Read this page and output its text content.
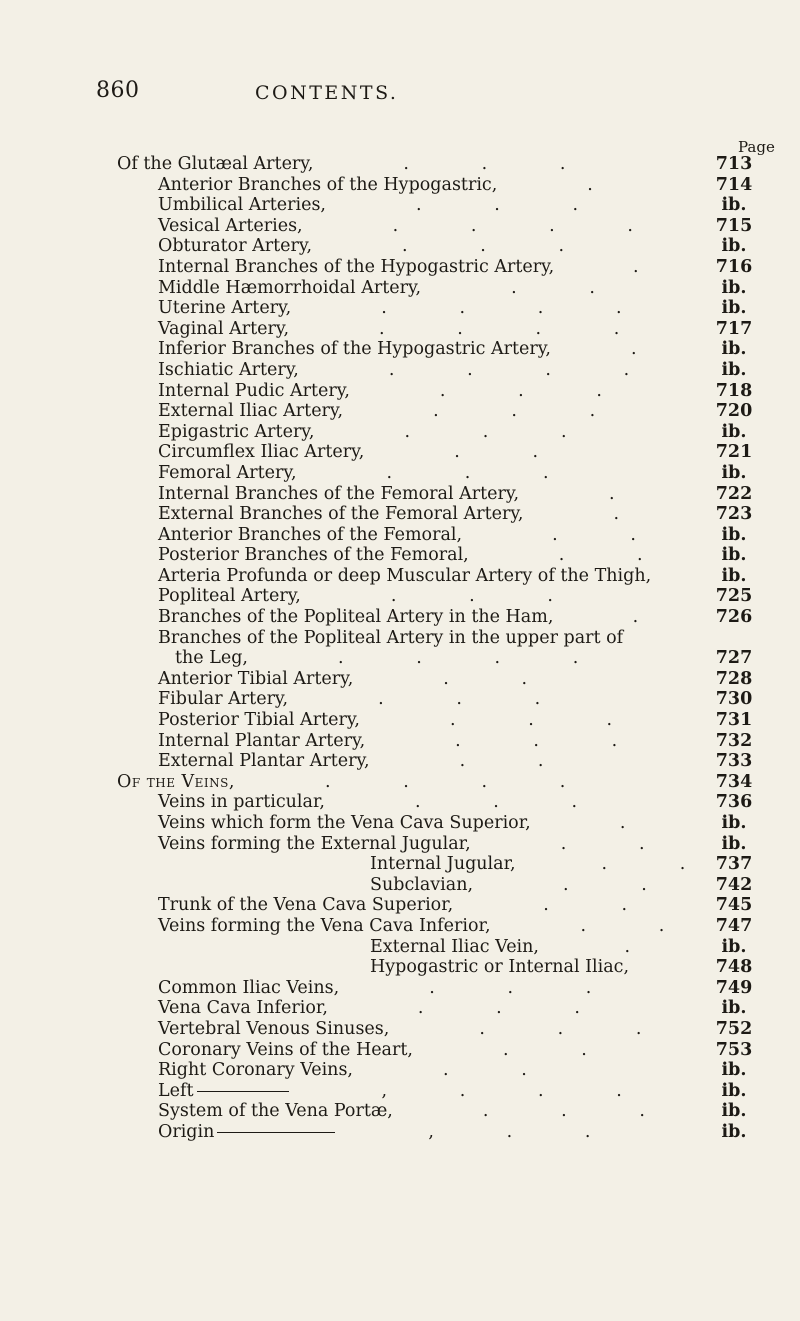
860	CONTENTS.
Page
Of the Glutæal Artery,	.   .   .	713
Anterior Branches of the Hypogastric,	.	714
Umbilical Arteries,	.   .   .	ib.
Vesical Arteries,	.   .   .   .	715
Obturator Artery,	.   .   .	ib.
Internal Branches of the Hypogastric Artery,	.	716
Middle Hæmorrhoidal Artery,	.   .	ib.
Uterine Artery,	.   .   .   .	ib.
Vaginal Artery,	.   .   .   .	717
Inferior Branches of the Hypogastric Artery,	.	ib.
Ischiatic Artery,	.   .   .   .	ib.
Internal Pudic Artery,	.   .   .	718
External Iliac Artery,	.   .   .	720
Epigastric Artery,	.   .   .	ib.
Circumflex Iliac Artery,	.   .	721
Femoral Artery,	.   .   .	ib.
Internal Branches of the Femoral Artery,	.	722
External Branches of the Femoral Artery,	.	723
Anterior Branches of the Femoral,	.   .	ib.
Posterior Branches of the Femoral,	.   .	ib.
Arteria Profunda or deep Muscular Artery of the Thigh,	ib.
Popliteal Artery,	.   .   .	725
Branches of the Popliteal Artery in the Ham,	.	726
Branches of the Popliteal Artery in the upper part of
the Leg,	.   .   .   .	727
Anterior Tibial Artery,	.   .	728
Fibular Artery,	.   .   .	730
Posterior Tibial Artery,	.   .   .	731
Internal Plantar Artery,	.   .   .	732
External Plantar Artery,	.   .	733
Of the Veins,	.   .   .   .	734
Veins in particular,	.   .   .	736
Veins which form the Vena Cava Superior,	.	ib.
Veins forming the External Jugular,	.   .	ib.
Internal Jugular,	.   . 737
Subclavian,	.   .	742
Trunk of the Vena Cava Superior,	.   .	745
Veins forming the Vena Cava Inferior,	.   .	747
External Iliac Vein,	.	ib.
Hypogastric or Internal Iliac,	748
Common Iliac Veins,	.   .   .	749
Vena Cava Inferior,	.   .   .	ib.
Vertebral Venous Sinuses,	.   .   .	752
Coronary Veins of the Heart,	.   .	753
Right Coronary Veins,	.   .	ib.
Left	,   .   .   .	ib.
System of the Vena Portæ,	.   .   .	ib.
Origin	,   .   .	ib.
